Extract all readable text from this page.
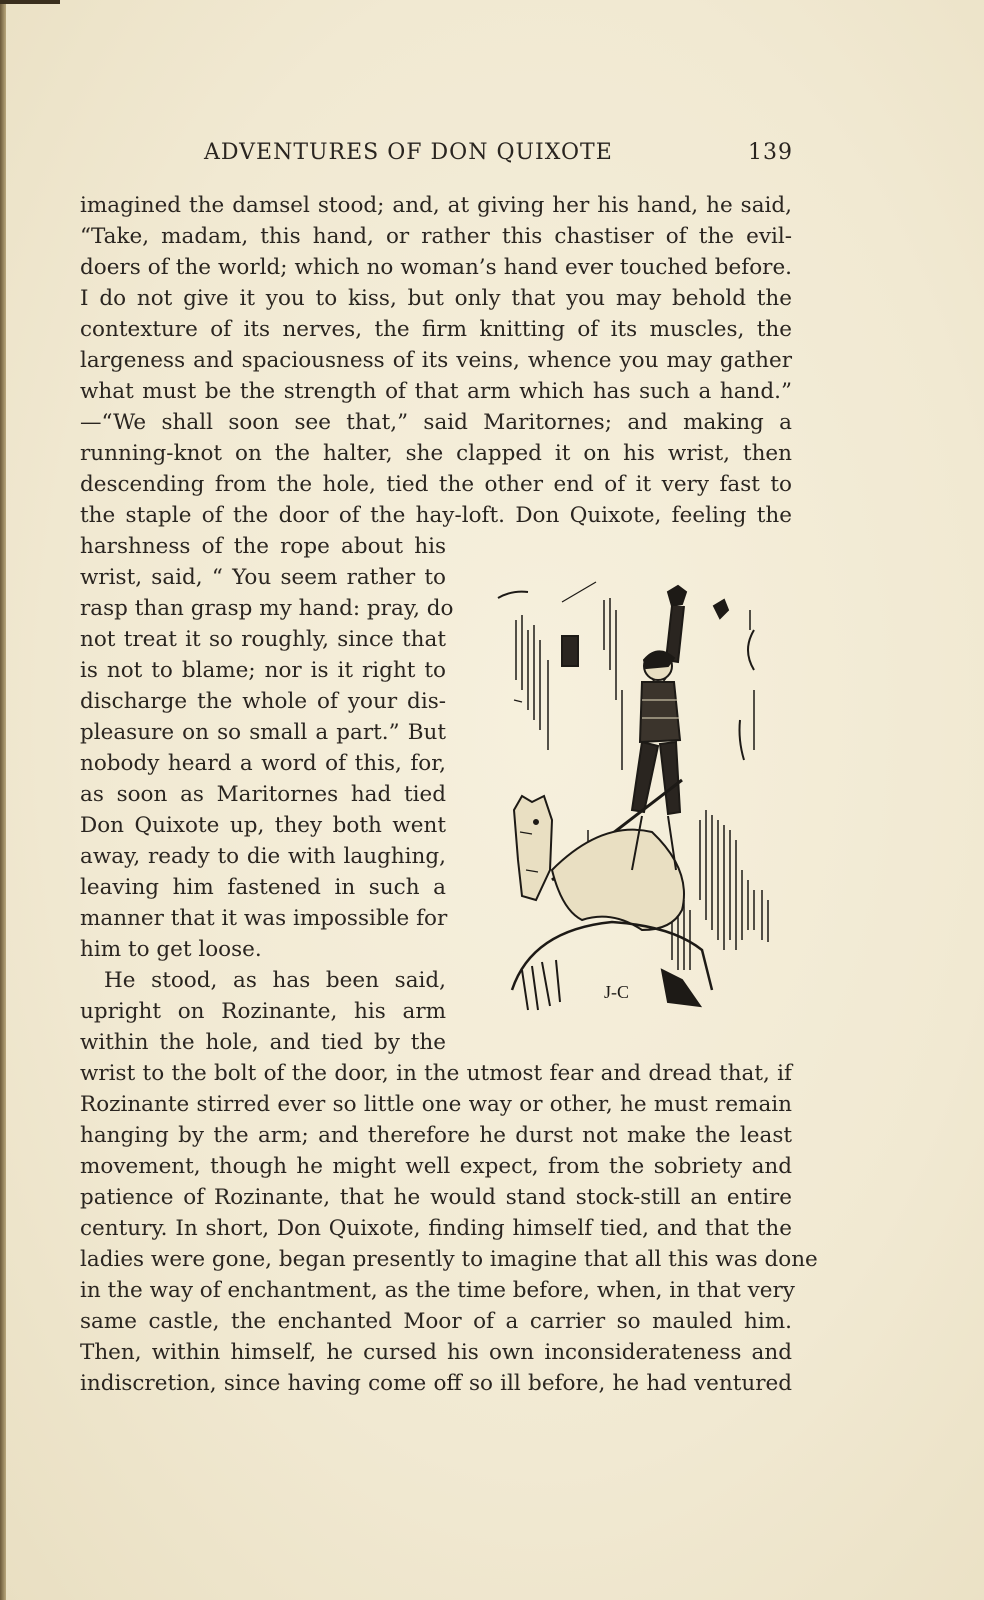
ADVENTURES OF DON QUIXOTE	139
imagined the damsel stood; and, at giving her his hand, he said,
“Take, madam, this hand, or rather this chastiser of the evil-
doers of the world; which no woman’s hand ever touched before.
I do not give it you to kiss, but only that you may behold the
contexture of its nerves, the firm knitting of its muscles, the
largeness and spaciousness of its veins, whence you may gather
what must be the strength of that arm which has such a hand.”
—“We shall soon see that,” said Maritornes; and making a
running-knot on the halter, she clapped it on his wrist, then
descending from the hole, tied the other end of it very fast to
the staple of the door of the hay-loft. Don Quixote, feeling the
harshness of the rope about his
wrist, said, “ You seem rather to
rasp than grasp my hand: pray, do
not treat it so roughly, since that
is not to blame; nor is it right to
discharge the whole of your dis-
pleasure on so small a part.” But
nobody heard a word of this, for,
as soon as Maritornes had tied
Don Quixote up, they both went
away, ready to die with laughing,
leaving him fastened in such a
manner that it was impossible for
him to get loose.
He stood, as has been said,
upright on Rozinante, his arm
within the hole, and tied by the
wrist to the bolt of the door, in the utmost fear and dread that, if
Rozinante stirred ever so little one way or other, he must remain
hanging by the arm; and therefore he durst not make the least
movement, though he might well expect, from the sobriety and
patience of Rozinante, that he would stand stock-still an entire
century. In short, Don Quixote, finding himself tied, and that the
ladies were gone, began presently to imagine that all this was done
in the way of enchantment, as the time before, when, in that very
same castle, the enchanted Moor of a carrier so mauled him.
Then, within himself, he cursed his own inconsiderateness and
indiscretion, since having come off so ill before, he had ventured
J-C
